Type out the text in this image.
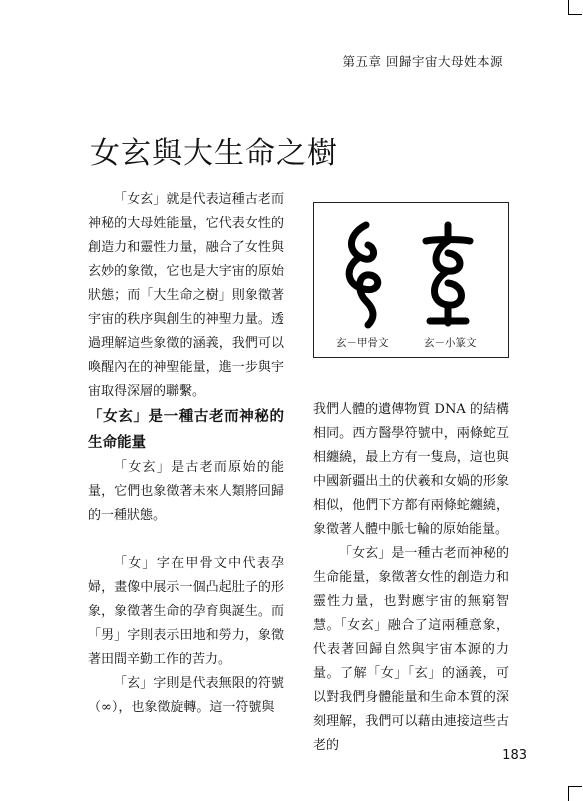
第五章 回歸宇宙大母姓本源
女玄與大生命之樹

「女玄」就是代表這種古老而神秘的大母姓能量，它代表女性的創造力和靈性力量，融合了女性與玄妙的象徵，它也是大宇宙的原始狀態；而「大生命之樹」則象徵著宇宙的秩序與創生的神聖力量。透過理解這些象徵的涵義，我們可以喚醒內在的神聖能量，進一步與宇宙取得深層的聯繫。

「女玄」是一種古老而神秘的生命能量

「女玄」是古老而原始的能量，它們也象徵著未來人類將回歸的一種狀態。

「女」字在甲骨文中代表孕婦，畫像中展示一個凸起肚子的形象，象徵著生命的孕育與誕生。而「男」字則表示田地和勞力，象徵著田間辛勤工作的苦力。

「玄」字則是代表無限的符號（∞），也象徵旋轉。這一符號與

玄－甲骨文	玄－小篆文

我們人體的遺傳物質 DNA 的結構相同。西方醫學符號中，兩條蛇互相纏繞，最上方有一隻鳥，這也與中國新疆出土的伏羲和女媧的形象相似，他們下方都有兩條蛇纏繞，象徵著人體中脈七輪的原始能量。

「女玄」是一種古老而神秘的生命能量，象徵著女性的創造力和靈性力量，也對應宇宙的無窮智慧。「女玄」融合了這兩種意象，代表著回歸自然與宇宙本源的力量。了解「女」「玄」的涵義，可以對我們身體能量和生命本質的深刻理解，我們可以藉由連接這些古老的

183
